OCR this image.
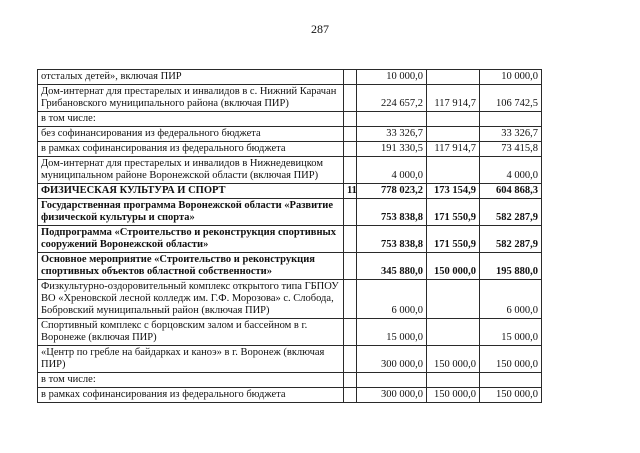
287
отсталых детей», включая ПИР		10 000,0		10 000,0
Дом-интернат для престарелых и инвалидов в с. Нижний Карачан Грибановского муниципального района (включая ПИР)		224 657,2	117 914,7	106 742,5
в том числе:				
без софинансирования из федерального бюджета		33 326,7		33 326,7
в рамках софинансирования из федерального бюджета		191 330,5	117 914,7	73 415,8
Дом-интернат для престарелых и инвалидов в Нижнедевицком муниципальном районе Воронежской области (включая ПИР)		4 000,0		4 000,0
ФИЗИЧЕСКАЯ КУЛЬТУРА И СПОРТ	11	778 023,2	173 154,9	604 868,3
Государственная программа Воронежской области «Развитие физической культуры и спорта»		753 838,8	171 550,9	582 287,9
Подпрограмма «Строительство и реконструкция спортивных сооружений Воронежской области»		753 838,8	171 550,9	582 287,9
Основное мероприятие «Строительство и реконструкция спортивных объектов областной собственности»		345 880,0	150 000,0	195 880,0
Физкультурно-оздоровительный комплекс открытого типа ГБПОУ ВО «Хреновской лесной колледж им. Г.Ф. Морозова» с. Слобода, Бобровский муниципальный район (включая ПИР)		6 000,0		6 000,0
Спортивный комплекс с борцовским залом и бассейном в г. Воронеже (включая ПИР)		15 000,0		15 000,0
«Центр по гребле на байдарках и каноэ» в г. Воронеж (включая ПИР)		300 000,0	150 000,0	150 000,0
в том числе:				
в рамках софинансирования из федерального бюджета		300 000,0	150 000,0	150 000,0
